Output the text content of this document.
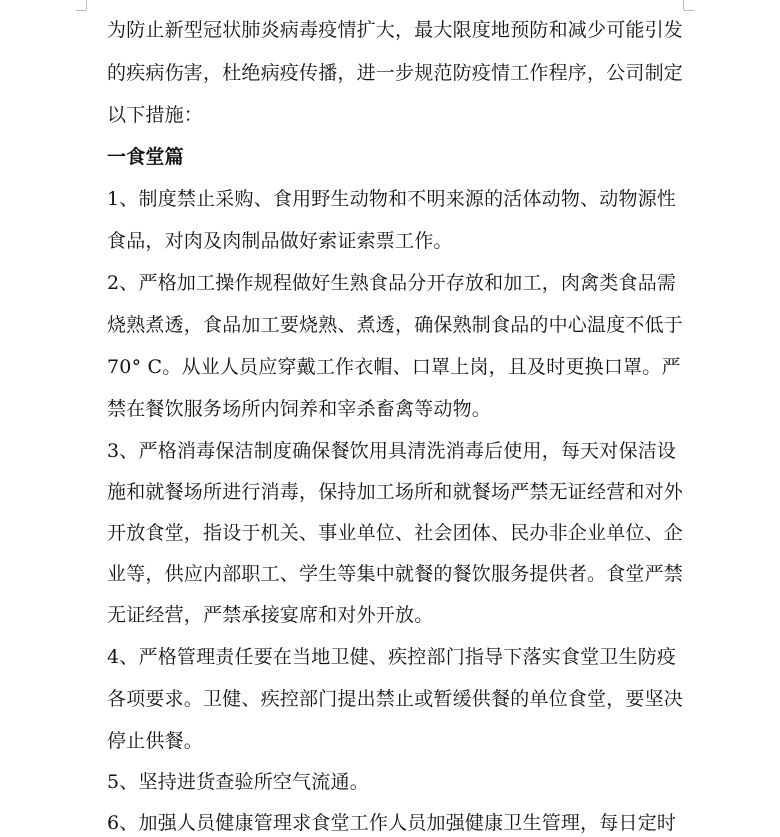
为防止新型冠状肺炎病毒疫情扩大，最大限度地预防和减少可能引发
的疾病伤害，杜绝病疫传播，进一步规范防疫情工作程序，公司制定
以下措施：
一食堂篇
1、制度禁止采购、食用野生动物和不明来源的活体动物、动物源性
食品，对肉及肉制品做好索证索票工作。
2、严格加工操作规程做好生熟食品分开存放和加工，肉禽类食品需
烧熟煮透，食品加工要烧熟、煮透，确保熟制食品的中心温度不低于
70° C。从业人员应穿戴工作衣帽、口罩上岗，且及时更换口罩。严
禁在餐饮服务场所内饲养和宰杀畜禽等动物。
3、严格消毒保洁制度确保餐饮用具清洗消毒后使用，每天对保洁设
施和就餐场所进行消毒，保持加工场所和就餐场严禁无证经营和对外
开放食堂，指设于机关、事业单位、社会团体、民办非企业单位、企
业等，供应内部职工、学生等集中就餐的餐饮服务提供者。食堂严禁
无证经营，严禁承接宴席和对外开放。
4、严格管理责任要在当地卫健、疾控部门指导下落实食堂卫生防疫
各项要求。卫健、疾控部门提出禁止或暂缓供餐的单位食堂，要坚决
停止供餐。
5、坚持进货查验所空气流通。
6、加强人员健康管理求食堂工作人员加强健康卫生管理，每日定时
